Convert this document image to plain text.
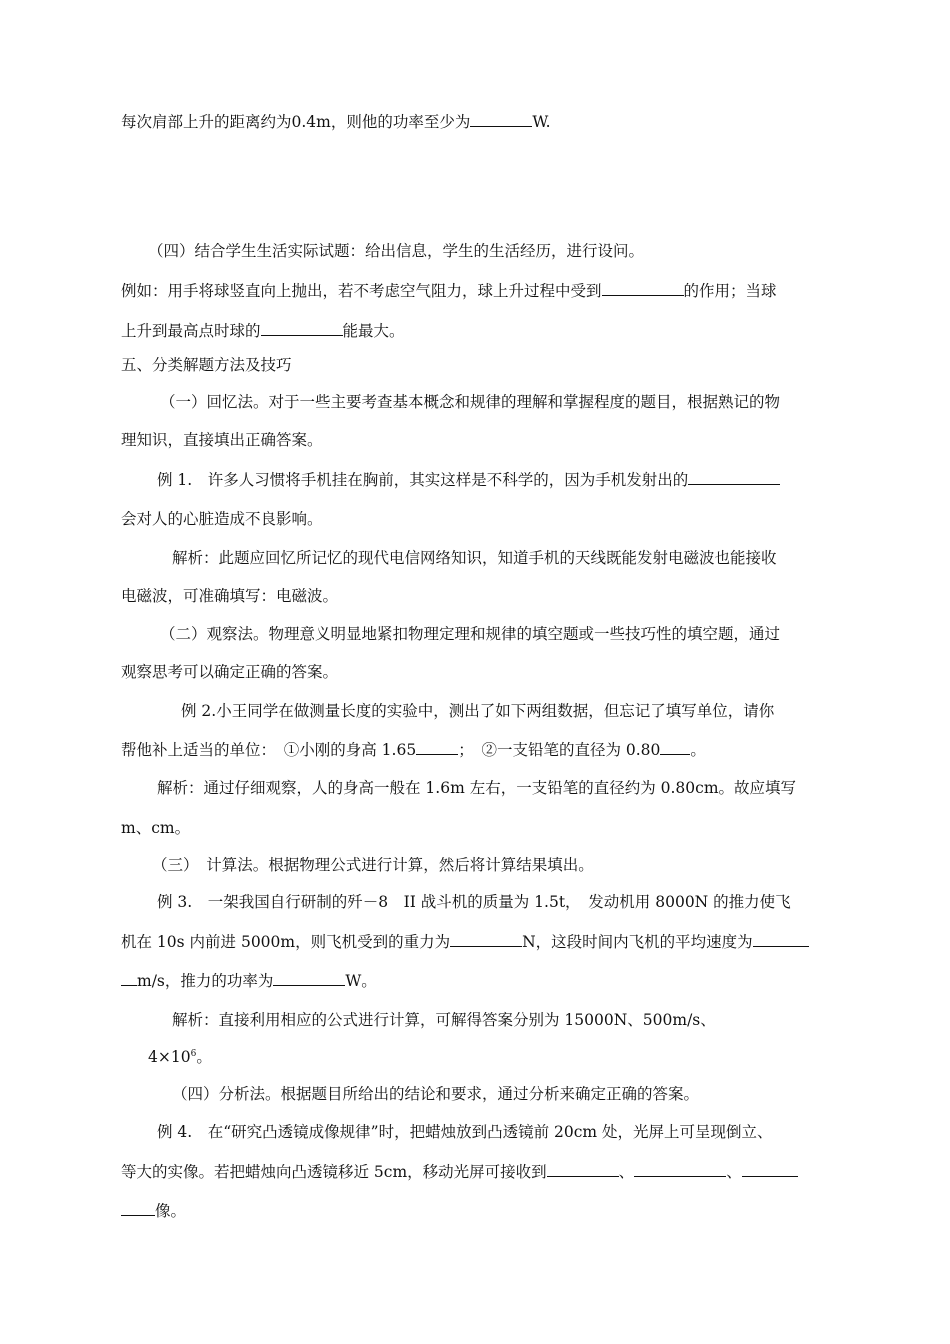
每次肩部上升的距离约为0.4m，则他的功率至少为	W.
（四）结合学生生活实际试题：给出信息，学生的生活经历，进行设问。
例如：用手将球竖直向上抛出，若不考虑空气阻力，球上升过程中受到	的作用；当球
上升到最高点时球的	能最大。
五、分类解题方法及技巧
（一）回忆法。对于一些主要考查基本概念和规律的理解和掌握程度的题目，根据熟记的物
理知识，直接填出正确答案。
例 1.　许多人习惯将手机挂在胸前，其实这样是不科学的，因为手机发射出的
会对人的心脏造成不良影响。
解析：此题应回忆所记忆的现代电信网络知识，知道手机的天线既能发射电磁波也能接收
电磁波，可准确填写：电磁波。
（二）观察法。物理意义明显地紧扣物理定理和规律的填空题或一些技巧性的填空题，通过
观察思考可以确定正确的答案。
例 2.小王同学在做测量长度的实验中，测出了如下两组数据，但忘记了填写单位，请你
帮他补上适当的单位：　①小刚的身高 1.65	；　②一支铅笔的直径为 0.80 。
解析：通过仔细观察，人的身高一般在 1.6m 左右，一支铅笔的直径约为 0.80cm。故应填写
m、cm。
（三）　计算法。根据物理公式进行计算，然后将计算结果填出。
例 3.　一架我国自行研制的歼－8　II 战斗机的质量为 1.5t，　发动机用 8000N 的推力使飞
机在 10s 内前进 5000m，则飞机受到的重力为	N，这段时间内飞机的平均速度为
m/s，推力的功率为	W。
解析：直接利用相应的公式进行计算，可解得答案分别为 15000N、500m/s、
$4\times 10^6$。
（四）分析法。根据题目所给出的结论和要求，通过分析来确定正确的答案。
例 4.　在“研究凸透镜成像规律”时，把蜡烛放到凸透镜前 20cm 处，光屏上可呈现倒立、
等大的实像。若把蜡烛向凸透镜移近 5cm，移动光屏可接收到	、	、
像。
